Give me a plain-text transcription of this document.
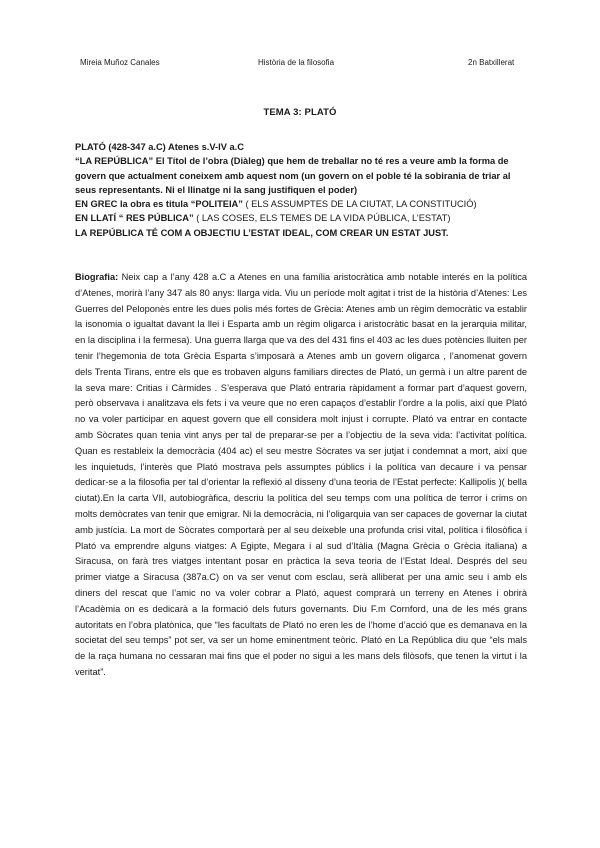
Mireia Muñoz Canales	Història de la filosofia	2n Batxillerat
TEMA 3: PLATÓ

PLATÓ (428-347 a.C) Atenes s.V-IV a.C

“LA REPÚBLICA” El Títol de l’obra (Diàleg) que hem de treballar no té res a veure amb la forma de govern que actualment coneixem amb aquest nom (un govern on el poble té la sobirania de triar al seus representants. Ni el llinatge ni la sang justifiquen el poder)

EN GREC la obra es titula “POLITEIA” ( ELS ASSUMPTES DE LA CIUTAT, LA CONSTITUCIÓ)

EN LLATÍ “ RES PÚBLICA” ( LAS COSES, ELS TEMES DE LA VIDA PÚBLICA, L’ESTAT)

LA REPÚBLICA TÉ COM A OBJECTIU L’ESTAT IDEAL, COM CREAR UN ESTAT JUST.

Biografia: Neix cap a l’any 428 a.C a Atenes en una família aristocràtica amb notable interés en la política d’Atenes, morirà l’any 347 als 80 anys: llarga vida. Viu un període molt agitat i trist de la història d’Atenes: Les Guerres del Peloponès entre les dues polis més fortes de Grècia: Atenes amb un règim democràtic va establir la isonomia o igualtat davant la llei i Esparta amb un règim oligarca i aristocràtic basat en la jerarquia militar, en la disciplina i la fermesa). Una guerra llarga que va des del 431 fins el 403 ac les dues potències lluiten per tenir l’hegemonia de tota Grècia Esparta s’imposarà a Atenes amb un govern oligarca , l’anomenat govern dels Trenta Tirans, entre els que es trobaven alguns familiars directes de Plató, un germà i un altre parent de la seva mare: Critias i Càrmides . S’esperava que Plató entraria ràpidament a formar part d’aquest govern, però observava i analitzava els fets i va veure que no eren capaços d’establir l’ordre a la polis, així que Plató no va voler participar en aquest govern que ell considera molt injust i corrupte. Plató va entrar en contacte amb Sòcrates quan tenia vint anys per tal de preparar-se per a l’objectiu de la seva vida: l’activitat política. Quan es restableix la democràcia (404 ac) el seu mestre Sòcrates va ser jutjat i condemnat a mort, així que les inquietuds, l’interès que Plató mostrava pels assumptes públics i la política van decaure i va pensar dedicar-se a la filosofia per tal d’orientar la reflexió al disseny d’una teoria de l’Estat perfecte: Kallipolis )( bella ciutat).En la carta VII, autobiogràfica, descriu la política del seu temps com una política de terror i crims on molts demòcrates van tenir que emigrar. Ni la democràcia, ni l’oligarquia van ser capaces de governar la ciutat amb justícia. La mort de Sòcrates comportarà per al seu deixeble una profunda crisi vital, política i filosòfica i Plató va emprendre alguns viatges: A Egipte, Megara i al sud d’Itàlia (Magna Grècia o Grècia italiana) a Siracusa, on farà tres viatges intentant posar en pràctica la seva teoria de l’Estat Ideal. Després del seu primer viatge a Siracusa (387a.C) on va ser venut com esclau, serà alliberat per una amic seu i amb els diners del rescat que l’amic no va voler cobrar a Plató, aquest comprarà un terreny en Atenes i obrirà l’Acadèmia on es dedicarà a la formació dels futurs governants. Diu F.m Cornford, una de les més grans autoritats en l’obra platònica, que “les facultats de Plató no eren les de l’home d’acció que es demanava en la societat del seu temps” pot ser, va ser un home eminentment teòric. Plató en La República diu que “els mals de la raça humana no cessaran mai fins que el poder no sigui a les mans dels filòsofs, que tenen la virtut i la veritat”.
